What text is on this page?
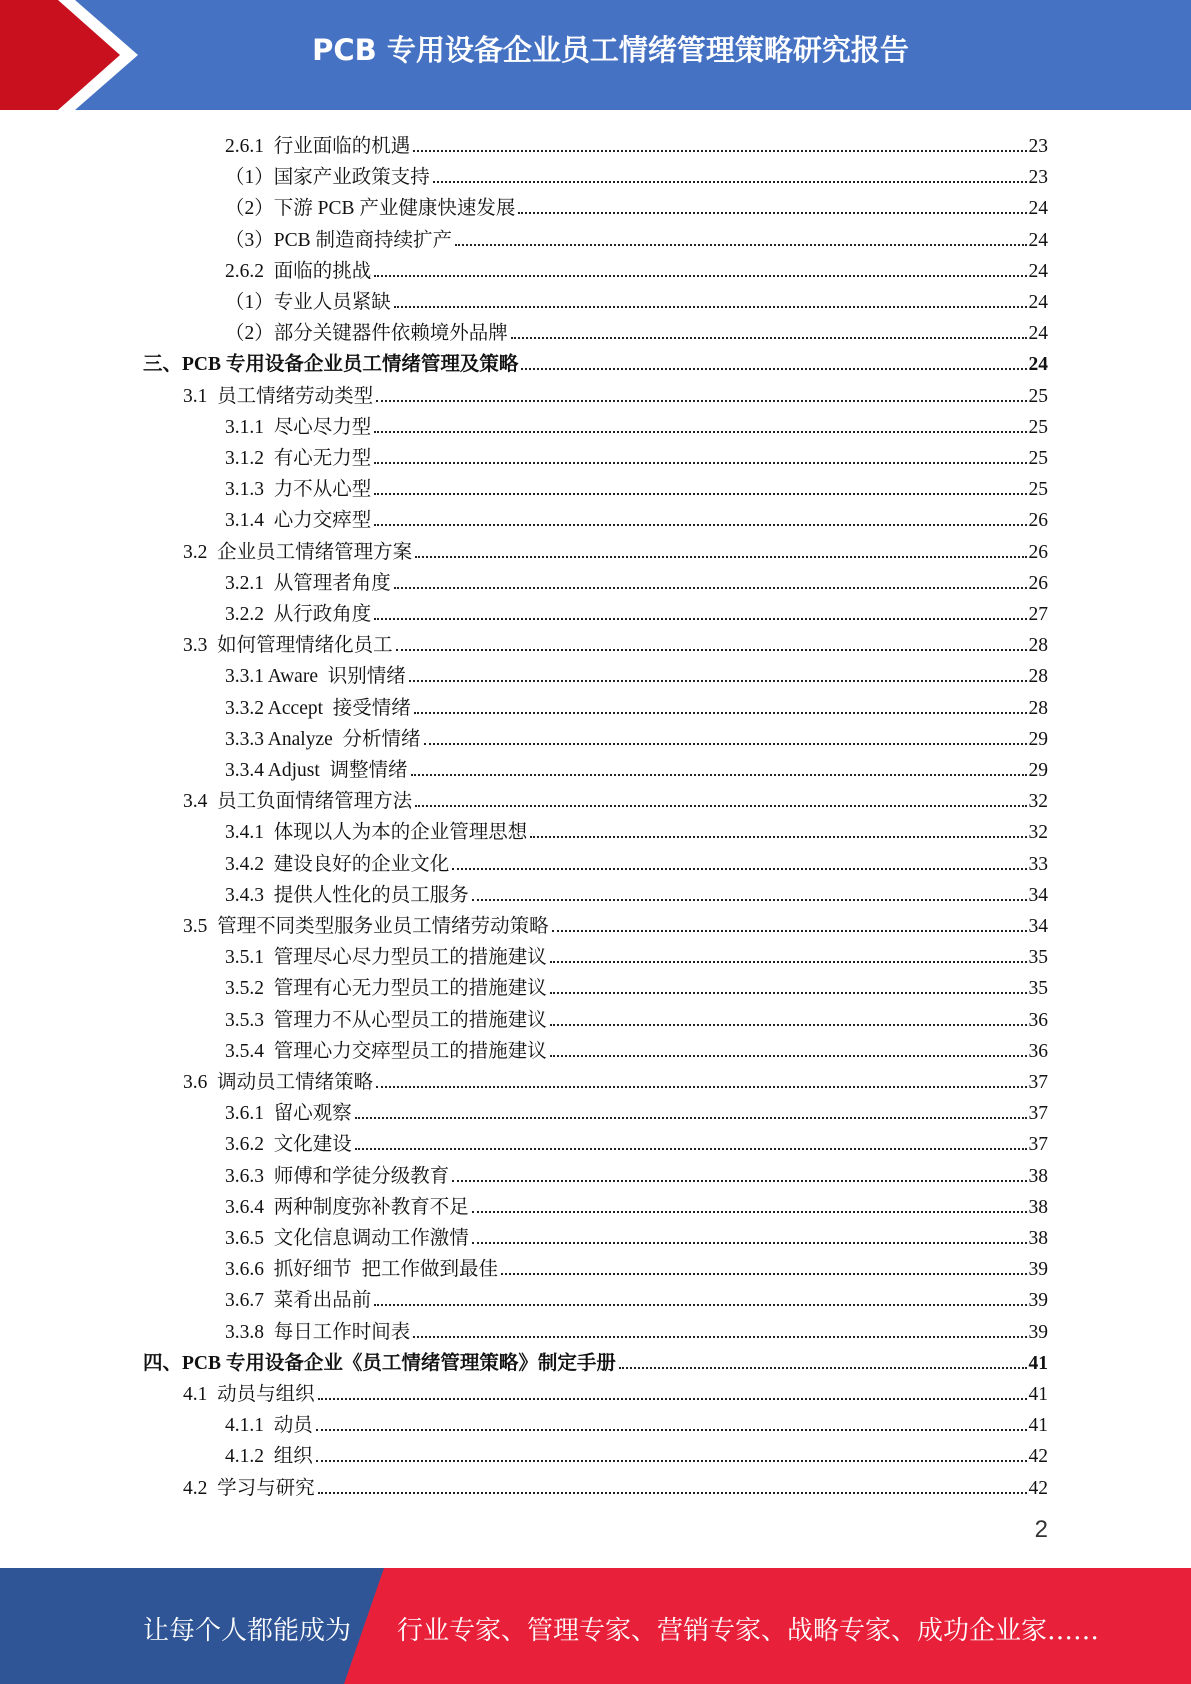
PCB 专用设备企业员工情绪管理策略研究报告
2.6.1  行业面临的机遇	23
（1）国家产业政策支持	23
（2）下游 PCB 产业健康快速发展	24
（3）PCB 制造商持续扩产	24
2.6.2  面临的挑战	24
（1）专业人员紧缺	24
（2）部分关键器件依赖境外品牌	24
三、PCB 专用设备企业员工情绪管理及策略	24
3.1  员工情绪劳动类型	25
3.1.1  尽心尽力型	25
3.1.2  有心无力型	25
3.1.3  力不从心型	25
3.1.4  心力交瘁型	26
3.2  企业员工情绪管理方案	26
3.2.1  从管理者角度	26
3.2.2  从行政角度	27
3.3  如何管理情绪化员工	28
3.3.1 Aware  识别情绪	28
3.3.2 Accept  接受情绪	28
3.3.3 Analyze  分析情绪	29
3.3.4 Adjust  调整情绪	29
3.4  员工负面情绪管理方法	32
3.4.1  体现以人为本的企业管理思想	32
3.4.2  建设良好的企业文化	33
3.4.3  提供人性化的员工服务	34
3.5  管理不同类型服务业员工情绪劳动策略	34
3.5.1  管理尽心尽力型员工的措施建议	35
3.5.2  管理有心无力型员工的措施建议	35
3.5.3  管理力不从心型员工的措施建议	36
3.5.4  管理心力交瘁型员工的措施建议	36
3.6  调动员工情绪策略	37
3.6.1  留心观察	37
3.6.2  文化建设	37
3.6.3  师傅和学徒分级教育	38
3.6.4  两种制度弥补教育不足	38
3.6.5  文化信息调动工作激情	38
3.6.6  抓好细节  把工作做到最佳	39
3.6.7  菜肴出品前	39
3.3.8  每日工作时间表	39
四、PCB 专用设备企业《员工情绪管理策略》制定手册	41
4.1  动员与组织	41
4.1.1  动员	41
4.1.2  组织	42
4.2  学习与研究	42
2
让每个人都能成为 行业专家、管理专家、营销专家、战略专家、成功企业家……
